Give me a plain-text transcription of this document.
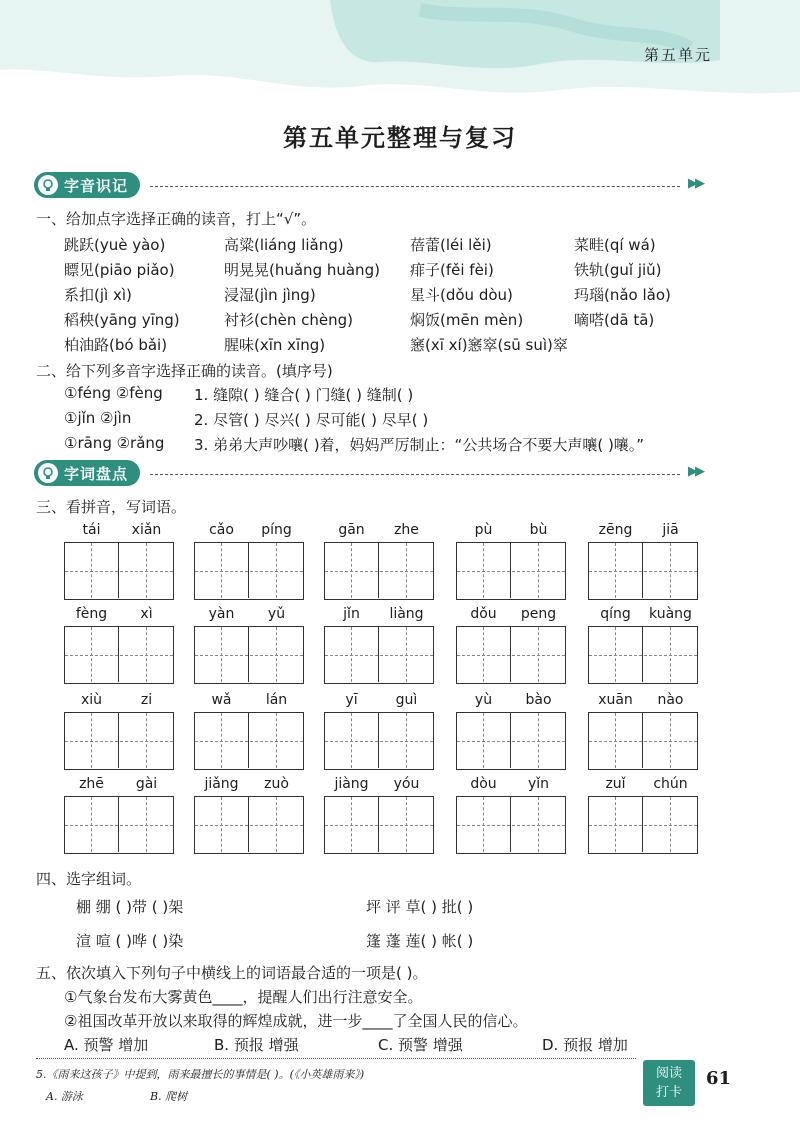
第五单元
第五单元整理与复习
字音识记	▶▶
一、给加点字选择正确的读音，打上“√”。
跳跃(yuè yào)	高粱(liáng liǎng)	蓓蕾(léi lěi)	菜畦(qí wá)
瞟见(piāo piǎo)	明晃晃(huǎng huàng) 痱子(fěi fèi)	铁轨(guǐ jiǔ)
系扣(jì xì)	浸湿(jìn jìng)	星斗(dǒu dòu)	玛瑙(nǎo lǎo)
稻秧(yāng yīng)	衬衫(chèn chèng)	焖饭(mēn mèn)	嘀嗒(dā tā)
柏油路(bó bǎi)	腥味(xīn xīng)	窸(xī xí)窸窣(sū suì)窣
二、给下列多音字选择正确的读音。(填序号)
①féng ②fèng 1. 缝隙( ) 缝合( ) 门缝( ) 缝制( )
①jǐn ②jìn	2. 尽管( ) 尽兴( ) 尽可能( ) 尽早( )
①rāng ②rǎng 3. 弟弟大声吵嚷( )着，妈妈严厉制止：“公共场合不要大声嚷( )嚷。”
字词盘点	▶▶
三、看拼音，写词语。
tái	xiǎn	cǎo	píng	gān	zhe	pù	bù	zēng	jiā
fèng	xì	yàn	yǔ	jǐn	liàng	dǒu	peng	qíng	kuàng
xiù	zi	wǎ	lán	yī	guì	yù	bào	xuān	nào
zhē	gài	jiǎng	zuò	jiàng	yóu	dòu	yǐn	zuǐ	chún
四、选字组词。
棚 绷 ( )带 ( )架	坪 评 草( ) 批( )
渲 喧 ( )哗 ( )染	篷 蓬 莲( ) 帐( )
五、依次填入下列句子中横线上的词语最合适的一项是( )。
①气象台发布大雾黄色____，提醒人们出行注意安全。
②祖国改革开放以来取得的辉煌成就，进一步____了全国人民的信心。
A. 预警 增加	B. 预报 增强	C. 预警 增强	D. 预报 增加
5.《雨来这孩子》中提到，雨来最擅长的事情是( )。(《小英雄雨来》)
A. 游泳	B. 爬树
阅读
打卡
61
